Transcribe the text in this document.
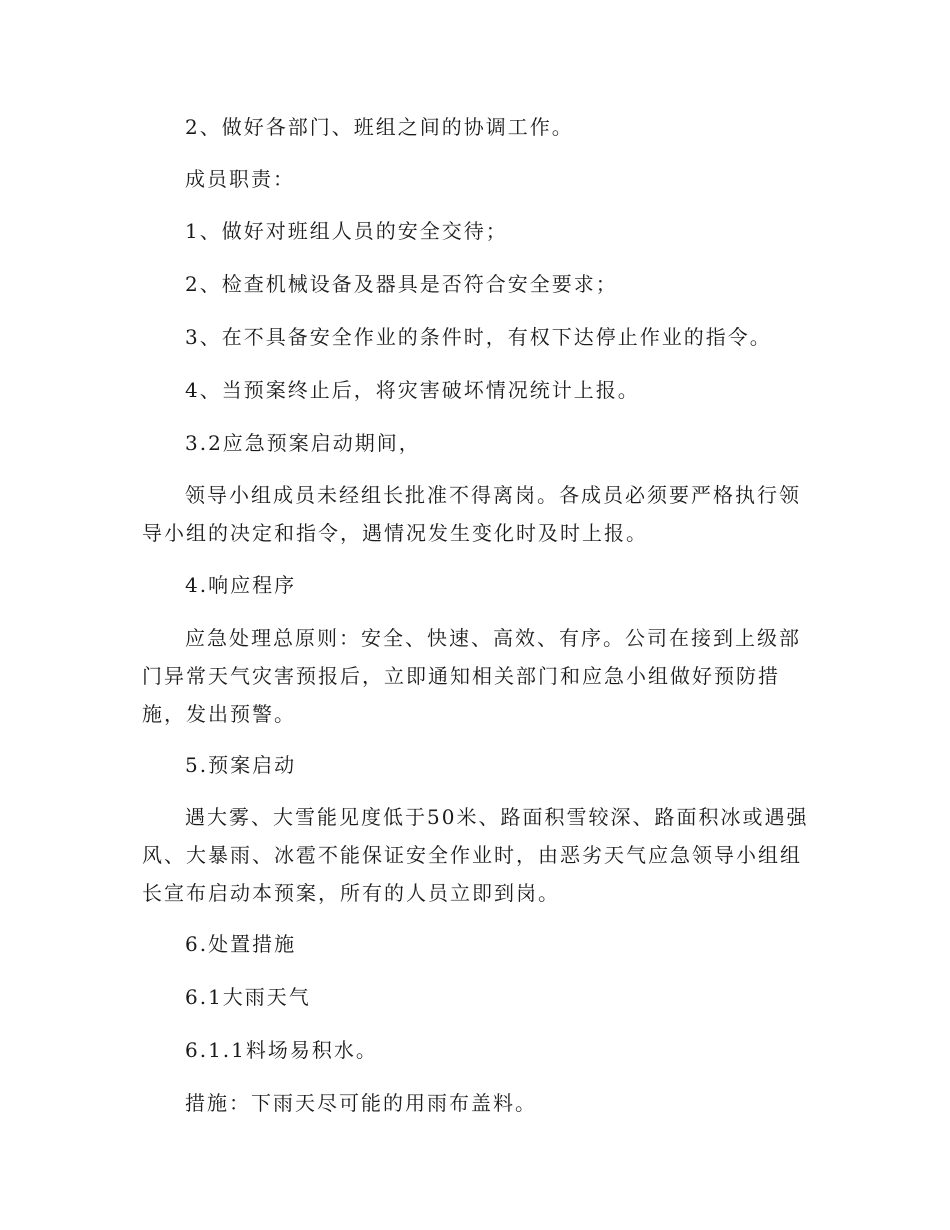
2、做好各部门、班组之间的协调工作。

成员职责：

1、做好对班组人员的安全交待；

2、检查机械设备及器具是否符合安全要求；

3、在不具备安全作业的条件时，有权下达停止作业的指令。

4、当预案终止后，将灾害破坏情况统计上报。

3.2应急预案启动期间，

领导小组成员未经组长批准不得离岗。各成员必须要严格执行领导小组的决定和指令，遇情况发生变化时及时上报。

4.响应程序

应急处理总原则：安全、快速、高效、有序。公司在接到上级部门异常天气灾害预报后，立即通知相关部门和应急小组做好预防措施，发出预警。

5.预案启动

遇大雾、大雪能见度低于50米、路面积雪较深、路面积冰或遇强风、大暴雨、冰雹不能保证安全作业时，由恶劣天气应急领导小组组长宣布启动本预案，所有的人员立即到岗。

6.处置措施

6.1大雨天气

6.1.1料场易积水。

措施：下雨天尽可能的用雨布盖料。
